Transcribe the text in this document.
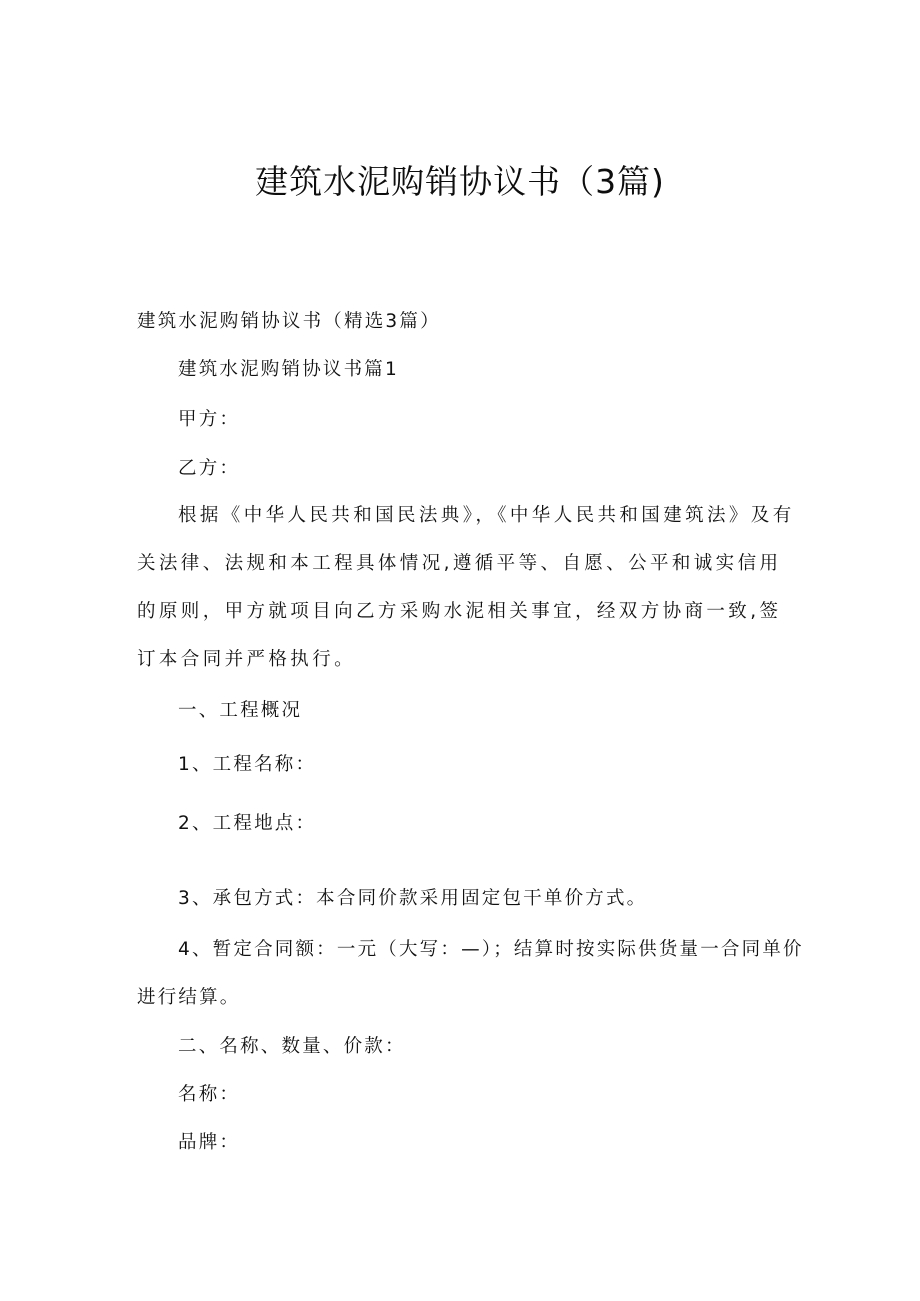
建筑水泥购销协议书（3篇)

建筑水泥购销协议书（精选3篇）

建筑水泥购销协议书篇1

甲方：

乙方：

根据《中华人民共和国民法典》，《中华人民共和国建筑法》及有关法律、法规和本工程具体情况,遵循平等、自愿、公平和诚实信用的原则，甲方就项目向乙方采购水泥相关事宜，经双方协商一致,签订本合同并严格执行。

一、工程概况

1、工程名称：

2、工程地点：

3、承包方式：本合同价款采用固定包干单价方式。

4、暂定合同额：一元（大写：—）；结算时按实际供货量一合同单价

进行结算。

二、名称、数量、价款：

名称：

品牌：
